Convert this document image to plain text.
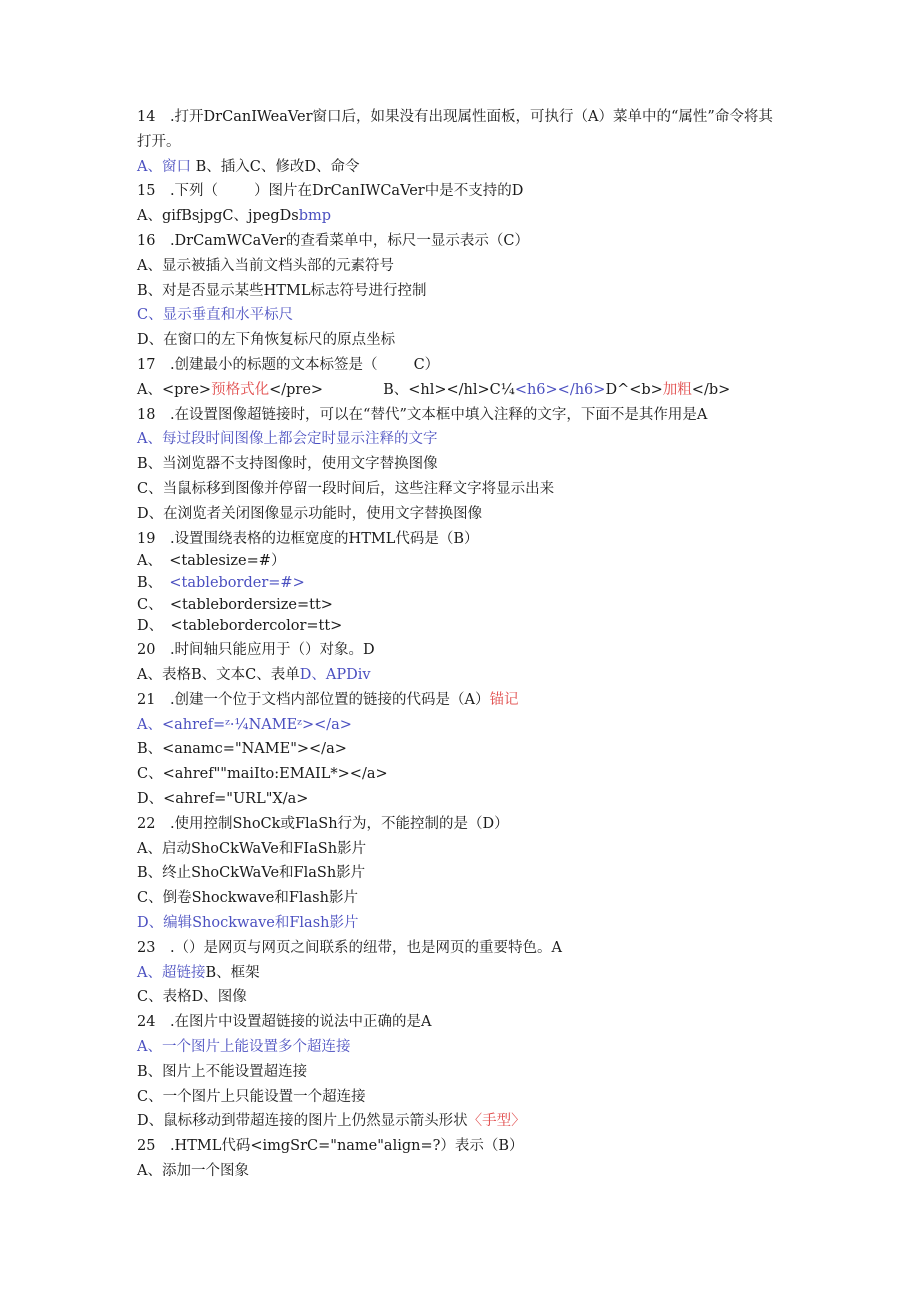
14　.打开DrCanIWeaVer窗口后，如果没有出现属性面板，可执行（A）菜单中的“属性”命令将其打开。
A、窗口 B、插入C、修改D、命令
15　.下列（ ）图片在DrCanIWCaVer中是不支持的D
A、gifBsjpgC、jpegDsbmp
16　.DrCamWCaVer的查看菜单中，标尺一显示表示（C）
A、显示被插入当前文档头部的元素符号
B、对是否显示某些HTML标志符号进行控制
C、显示垂直和水平标尺
D、在窗口的左下角恢复标尺的原点坐标
17　.创建最小的标题的文本标签是（ C）
A、<pre>预格式化</pre>	B、<hl></hl>C¼<h6></h6>D^<b>加粗</b>
18　.在设置图像超链接时，可以在“替代”文本框中填入注释的文字，下面不是其作用是A
A、每过段时间图像上都会定时显示注释的文字
B、当浏览器不支持图像时，使用文字替换图像
C、当鼠标移到图像并停留一段时间后，这些注释文字将显示出来
D、在浏览者关闭图像显示功能时，使用文字替换图像
19　.设置围绕表格的边框宽度的HTML代码是（B）
A、　<tablesize=#）
B、　<tableborder=#>
C、　<tablebordersize=tt>
D、　<tablebordercolor=tt>
20　.时间轴只能应用于（）对象。D
A、表格B、文本C、表单D、APDiv
21　.创建一个位于文档内部位置的链接的代码是（A）锚记
A、<ahref=ᶻ·¼NAMEᶻ></a>
B、<anamc="NAME"></a>
C、<ahref""maiIto:EMAIL*></a>
D、<ahref="URL"X/a>
22　.使用控制ShoCk或FlaSh行为，不能控制的是（D）
A、启动ShoCkWaVe和FIaSh影片
B、终止ShoCkWaVe和FlaSh影片
C、倒卷Shockwave和Flash影片
D、编辑Shockwave和Flash影片
23　.（）是网页与网页之间联系的纽带，也是网页的重要特色。A
A、超链接B、框架
C、表格D、图像
24　.在图片中设置超链接的说法中正确的是A
A、一个图片上能设置多个超连接
B、图片上不能设置超连接
C、一个图片上只能设置一个超连接
D、鼠标移动到带超连接的图片上仍然显示箭头形状〈手型〉
25　.HTML代码<imgSrC="name"align=?）表示（B）
A、添加一个图象
